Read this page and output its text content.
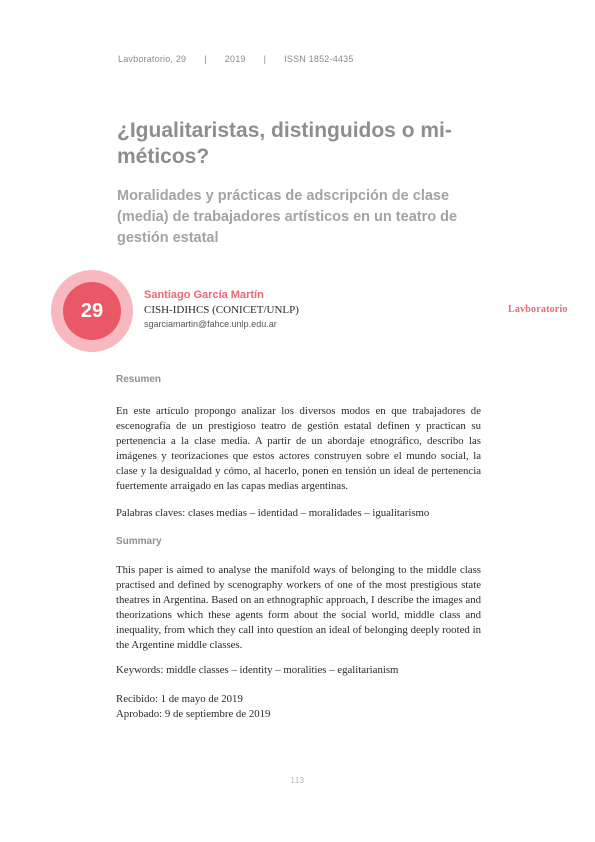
Lavboratorio, 29 | 2019 | ISSN 1852-4435
¿Igualitaristas, distinguidos o mi-méticos?
Moralidades y prácticas de adscripción de clase (media) de trabajadores artísticos en un teatro de gestión estatal
29
Santiago García Martín
CISH-IDIHCS (CONICET/UNLP)
sgarciamartin@fahce.unlp.edu.ar
Lavboratorio
Resumen

En este artículo propongo analizar los diversos modos en que trabajadores de escenografía de un prestigioso teatro de gestión estatal definen y practican su pertenencia a la clase media. A partir de un abordaje etnográfico, describo las imágenes y teorizaciones que estos actores construyen sobre el mundo social, la clase y la desigualdad y cómo, al hacerlo, ponen en tensión un ideal de pertenencia fuertemente arraigado en las capas medias argentinas.

Palabras claves: clases medias – identidad – moralidades – igualitarismo
Summary

This paper is aimed to analyse the manifold ways of belonging to the middle class practised and defined by scenography workers of one of the most prestigious state theatres in Argentina. Based on an ethnographic approach, I describe the images and theorizations which these agents form about the social world, middle class and inequality, from which they call into question an ideal of belonging deeply rooted in the Argentine middle classes.

Keywords: middle classes – identity – moralities – egalitarianism
Recibido: 1 de mayo de 2019
Aprobado: 9 de septiembre de 2019
113
